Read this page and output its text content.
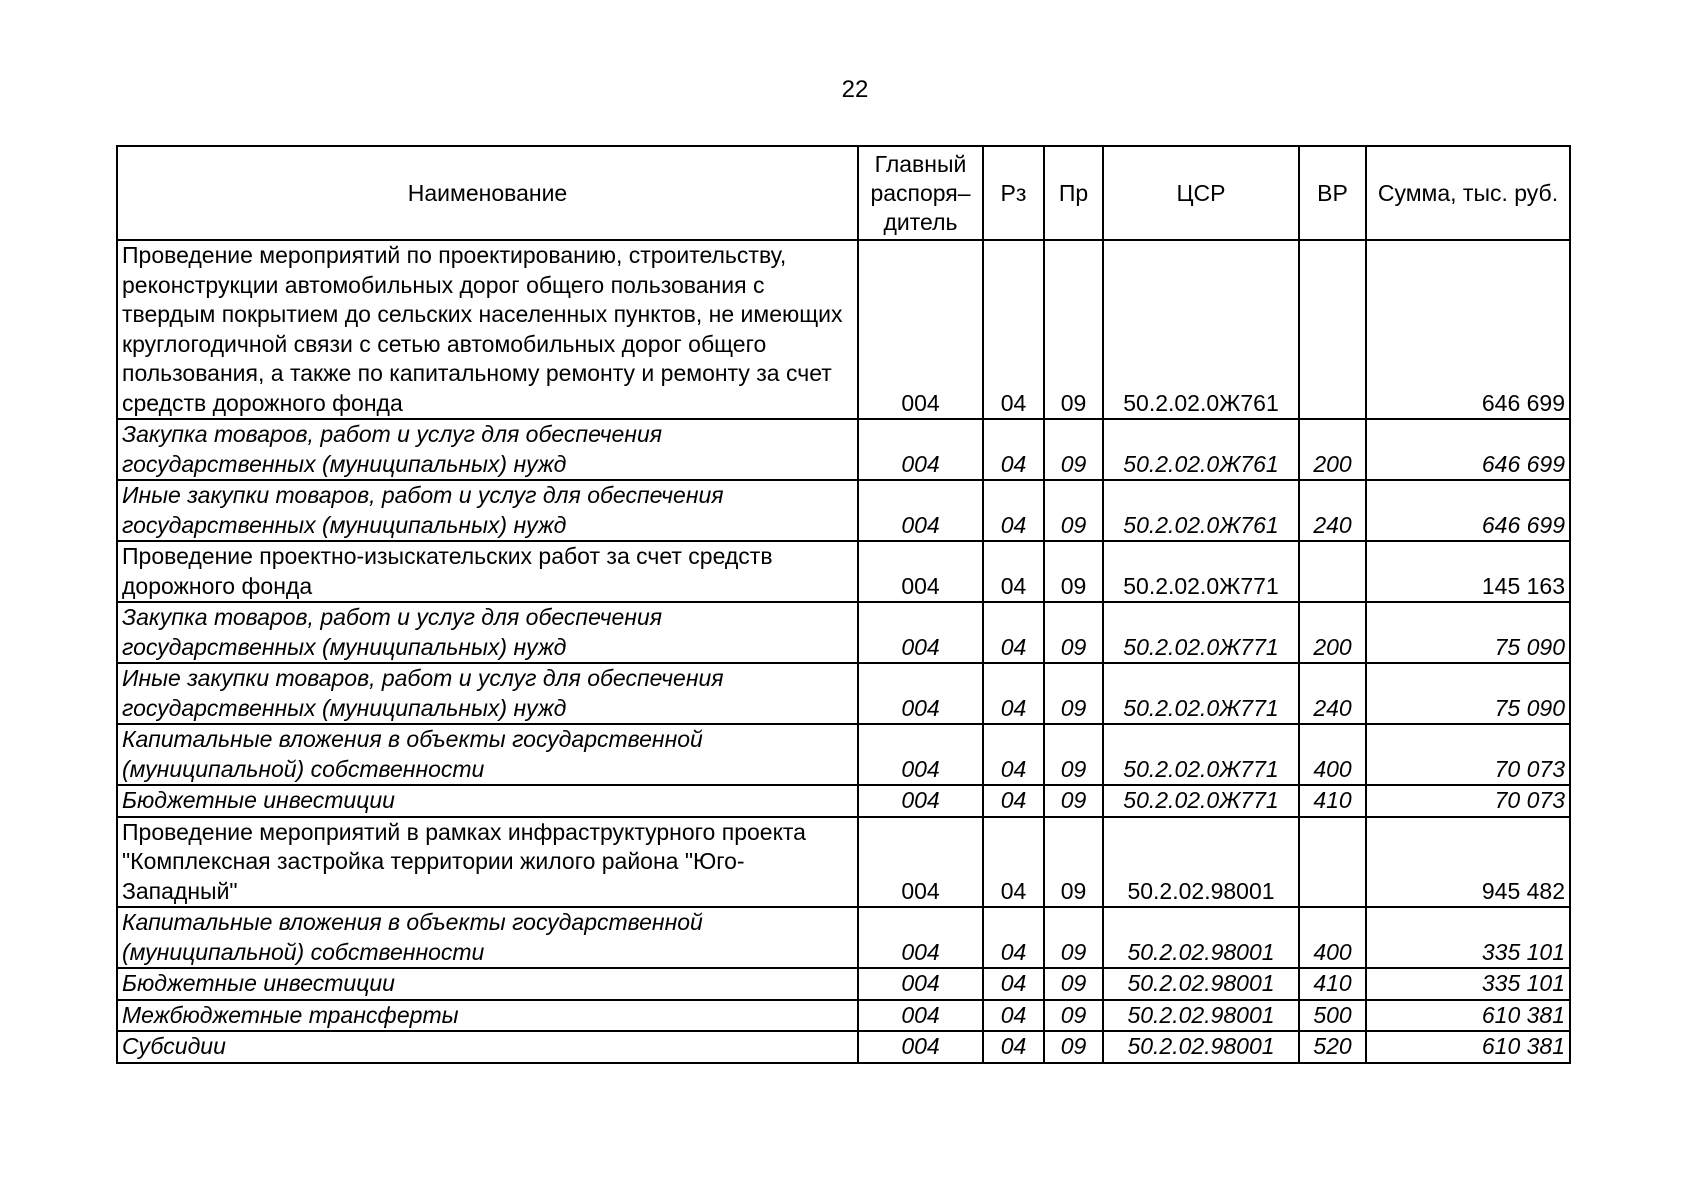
22
Наименование	Главный распоря–дитель	Рз	Пр	ЦСР	ВР	Сумма, тыс. руб.
Проведение мероприятий по проектированию, строительству, реконструкции автомобильных дорог общего пользования с твердым покрытием до сельских населенных пунктов, не имеющих круглогодичной связи с сетью автомобильных дорог общего пользования, а также по капитальному ремонту и ремонту за счет средств дорожного фонда	004	04	09	50.2.02.0Ж761		646 699
Закупка товаров, работ и услуг для обеспечения государственных (муниципальных) нужд	004	04	09	50.2.02.0Ж761	200	646 699
Иные закупки товаров, работ и услуг для обеспечения государственных (муниципальных) нужд	004	04	09	50.2.02.0Ж761	240	646 699
Проведение проектно-изыскательских работ за счет средств дорожного фонда	004	04	09	50.2.02.0Ж771		145 163
Закупка товаров, работ и услуг для обеспечения государственных (муниципальных) нужд	004	04	09	50.2.02.0Ж771	200	75 090
Иные закупки товаров, работ и услуг для обеспечения государственных (муниципальных) нужд	004	04	09	50.2.02.0Ж771	240	75 090
Капитальные вложения в объекты государственной (муниципальной) собственности	004	04	09	50.2.02.0Ж771	400	70 073
Бюджетные инвестиции	004	04	09	50.2.02.0Ж771	410	70 073
Проведение мероприятий в рамках инфраструктурного проекта "Комплексная застройка территории жилого района "Юго-Западный"	004	04	09	50.2.02.98001		945 482
Капитальные вложения в объекты государственной (муниципальной) собственности	004	04	09	50.2.02.98001	400	335 101
Бюджетные инвестиции	004	04	09	50.2.02.98001	410	335 101
Межбюджетные трансферты	004	04	09	50.2.02.98001	500	610 381
Субсидии	004	04	09	50.2.02.98001	520	610 381
